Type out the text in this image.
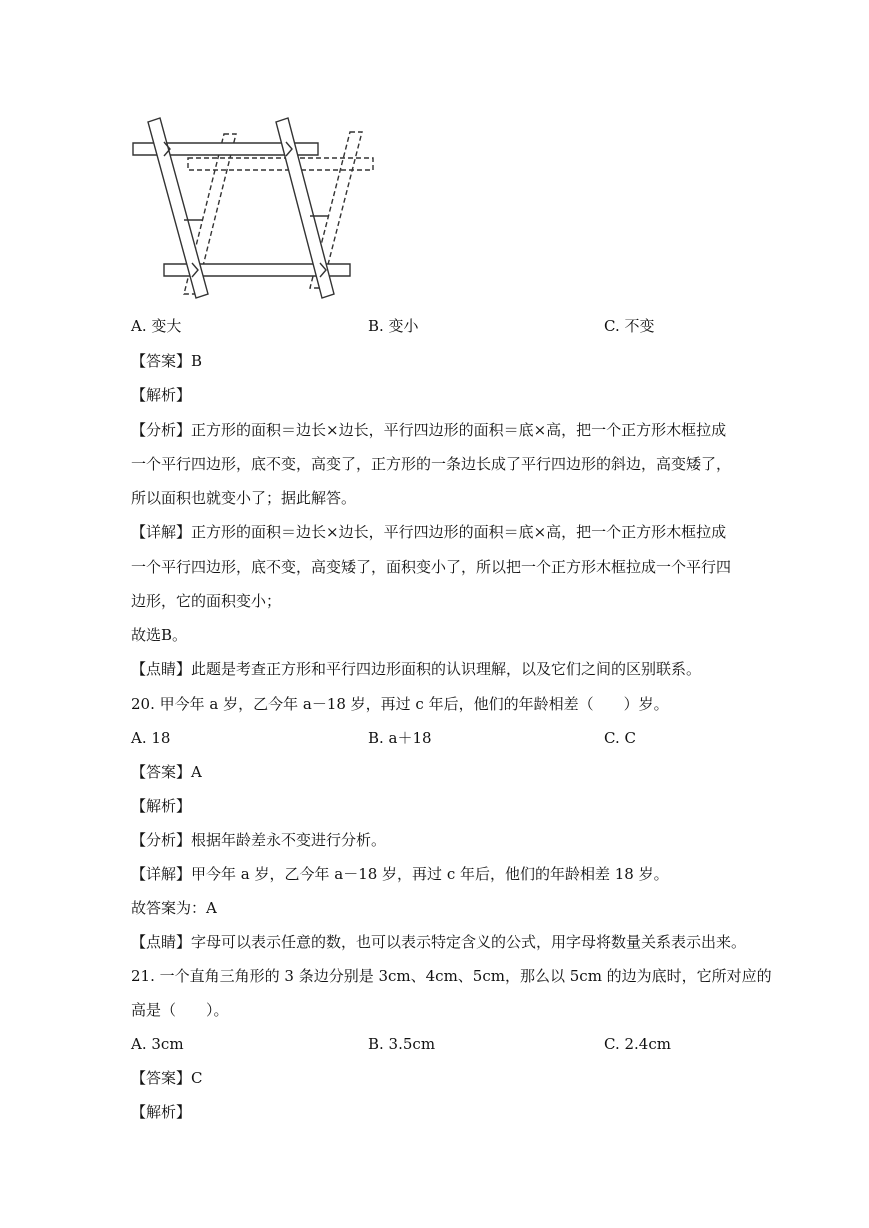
A. 变大	B. 变小	C. 不变
【答案】B
【解析】
【分析】正方形的面积＝边长×边长，平行四边形的面积＝底×高，把一个正方形木框拉成
一个平行四边形，底不变，高变了，正方形的一条边长成了平行四边形的斜边，高变矮了，
所以面积也就变小了；据此解答。
【详解】正方形的面积＝边长×边长，平行四边形的面积＝底×高，把一个正方形木框拉成
一个平行四边形，底不变，高变矮了，面积变小了，所以把一个正方形木框拉成一个平行四
边形，它的面积变小；
故选B。
【点睛】此题是考查正方形和平行四边形面积的认识理解，以及它们之间的区别联系。
20. 甲今年 a 岁，乙今年 a－18 岁，再过 c 年后，他们的年龄相差（　　）岁。
A. 18	B. a＋18	C. C
【答案】A
【解析】
【分析】根据年龄差永不变进行分析。
【详解】甲今年 a 岁，乙今年 a－18 岁，再过 c 年后，他们的年龄相差 18 岁。
故答案为：A
【点睛】字母可以表示任意的数，也可以表示特定含义的公式，用字母将数量关系表示出来。
21. 一个直角三角形的 3 条边分别是 3cm、4cm、5cm，那么以 5cm 的边为底时，它所对应的
高是（　　）。
A. 3cm	B. 3.5cm	C. 2.4cm
【答案】C
【解析】
